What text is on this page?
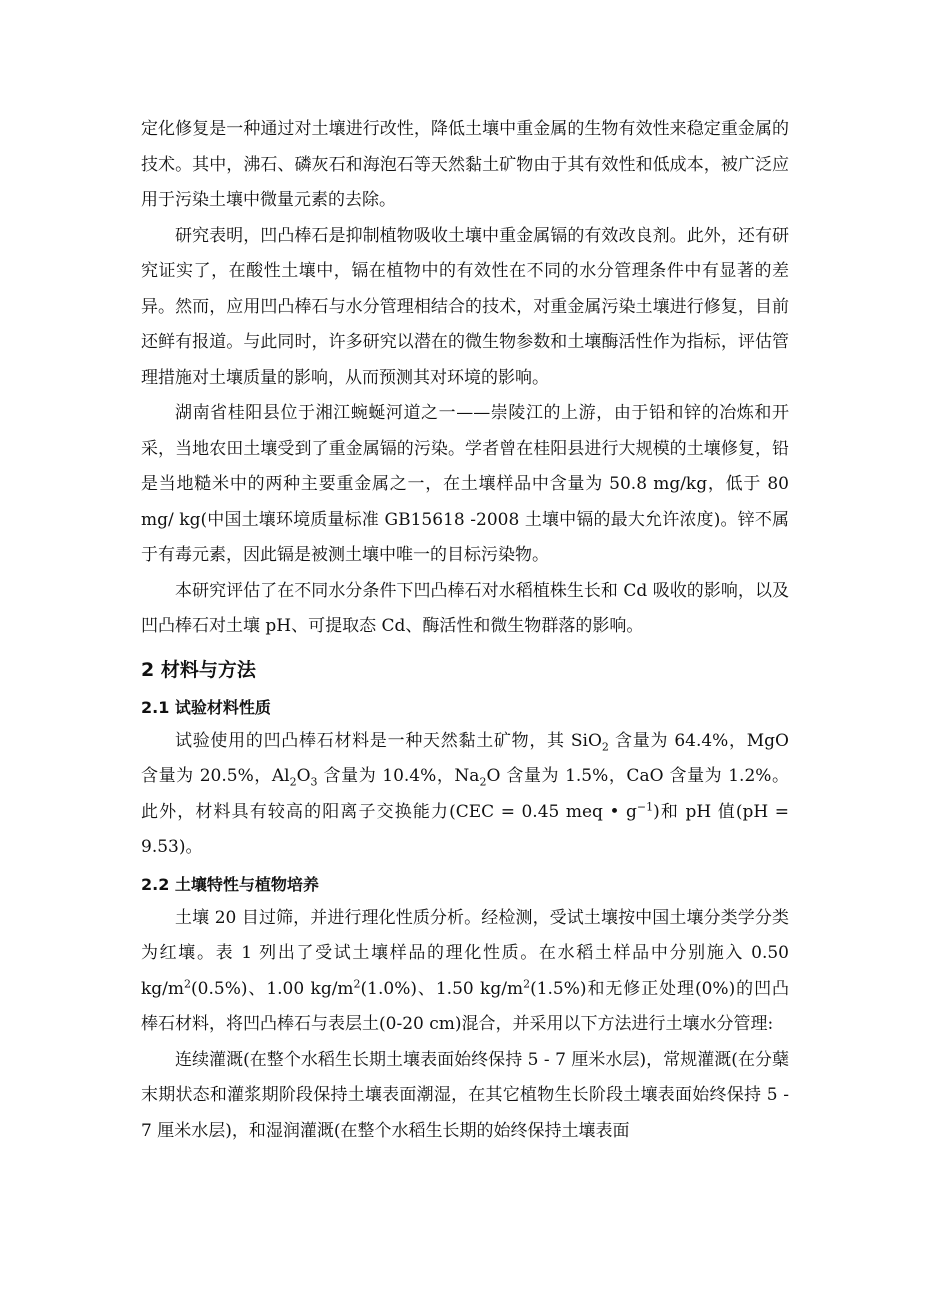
定化修复是一种通过对土壤进行改性，降低土壤中重金属的生物有效性来稳定重金属的技术。其中，沸石、磷灰石和海泡石等天然黏土矿物由于其有效性和低成本，被广泛应用于污染土壤中微量元素的去除。

研究表明，凹凸棒石是抑制植物吸收土壤中重金属镉的有效改良剂。此外，还有研究证实了，在酸性土壤中，镉在植物中的有效性在不同的水分管理条件中有显著的差异。然而，应用凹凸棒石与水分管理相结合的技术，对重金属污染土壤进行修复，目前还鲜有报道。与此同时，许多研究以潜在的微生物参数和土壤酶活性作为指标，评估管理措施对土壤质量的影响，从而预测其对环境的影响。

湖南省桂阳县位于湘江蜿蜒河道之一——崇陵江的上游，由于铅和锌的冶炼和开采，当地农田土壤受到了重金属镉的污染。学者曾在桂阳县进行大规模的土壤修复，铅是当地糙米中的两种主要重金属之一，在土壤样品中含量为 50.8 mg/kg，低于 80 mg/ kg(中国土壤环境质量标准 GB15618 -2008 土壤中镉的最大允许浓度)。锌不属于有毒元素，因此镉是被测土壤中唯一的目标污染物。

本研究评估了在不同水分条件下凹凸棒石对水稻植株生长和 Cd 吸收的影响，以及凹凸棒石对土壤 pH、可提取态 Cd、酶活性和微生物群落的影响。

2 材料与方法
2.1 试验材料性质

试验使用的凹凸棒石材料是一种天然黏土矿物，其 SiO$_2$ 含量为 64.4%，MgO 含量为 20.5%，$Al_2O_3$ 含量为 10.4%，$Na_2O$ 含量为 1.5%，CaO 含量为 1.2%。此外，材料具有较高的阳离子交换能力(CEC = 0.45 meq • $g^{-1}$)和 pH 值(pH = 9.53)。

2.2 土壤特性与植物培养

土壤 20 目过筛，并进行理化性质分析。经检测，受试土壤按中国土壤分类学分类为红壤。表 1 列出了受试土壤样品的理化性质。在水稻土样品中分别施入 0.50 $kg/m^2(0.5\%)$、1.00 $kg/m^2(1.0\%)$、1.50 $kg/m^2(1.5\%)$和无修正处理(0%)的凹凸棒石材料，将凹凸棒石与表层土(0-20 cm)混合，并采用以下方法进行土壤水分管理:

连续灌溉(在整个水稻生长期土壤表面始终保持 5 - 7 厘米水层)，常规灌溉(在分蘖末期状态和灌浆期阶段保持土壤表面潮湿，在其它植物生长阶段土壤表面始终保持 5 - 7 厘米水层)，和湿润灌溉(在整个水稻生长期的始终保持土壤表面
